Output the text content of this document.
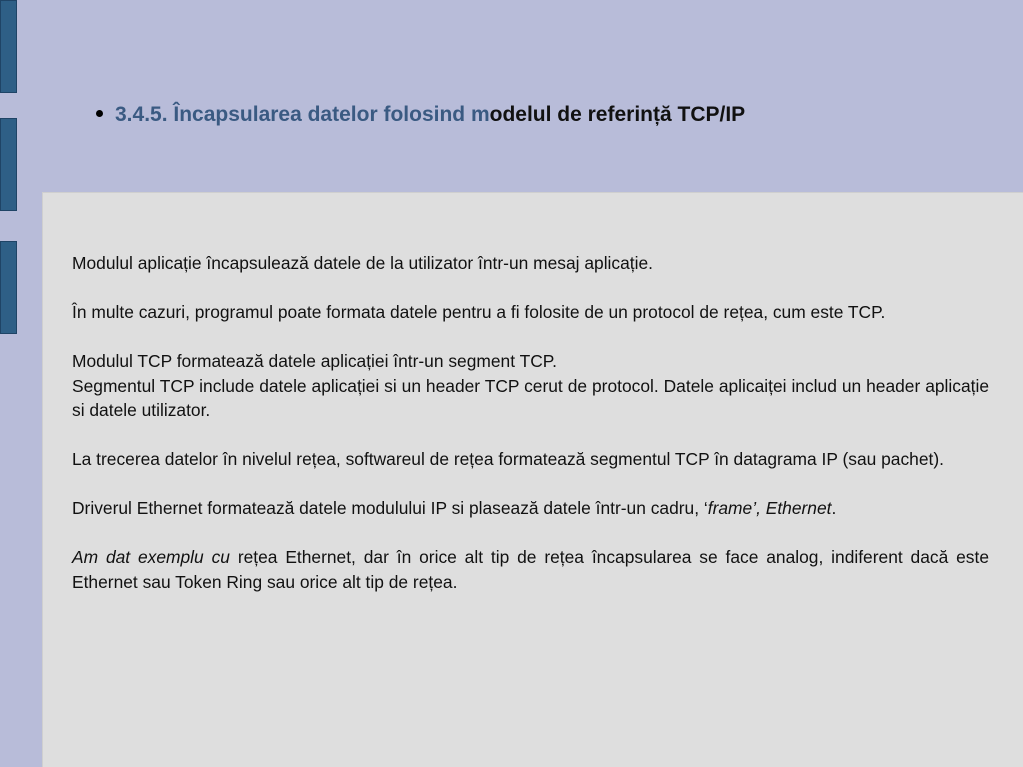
3.4.5. Încapsularea datelor folosind modelul de referință TCP/IP

Modulul aplicație încapsulează datele de la utilizator într-un mesaj aplicație.

În multe cazuri, programul poate formata datele pentru a fi folosite de un protocol de rețea, cum este TCP.

Modulul TCP formatează datele aplicației într-un segment TCP.

Segmentul TCP include datele aplicației si un header TCP cerut de protocol. Datele aplicaiței includ un header aplicație si datele utilizator.

La trecerea datelor în nivelul rețea, softwareul de rețea formatează segmentul TCP în datagrama IP (sau pachet).

Driverul Ethernet formatează datele modulului IP si plasează datele într-un cadru, ‘frame’, Ethernet.

Am dat exemplu cu rețea Ethernet, dar în orice alt tip de rețea încapsularea se face analog, indiferent dacă este Ethernet sau Token Ring sau orice alt tip de rețea.
